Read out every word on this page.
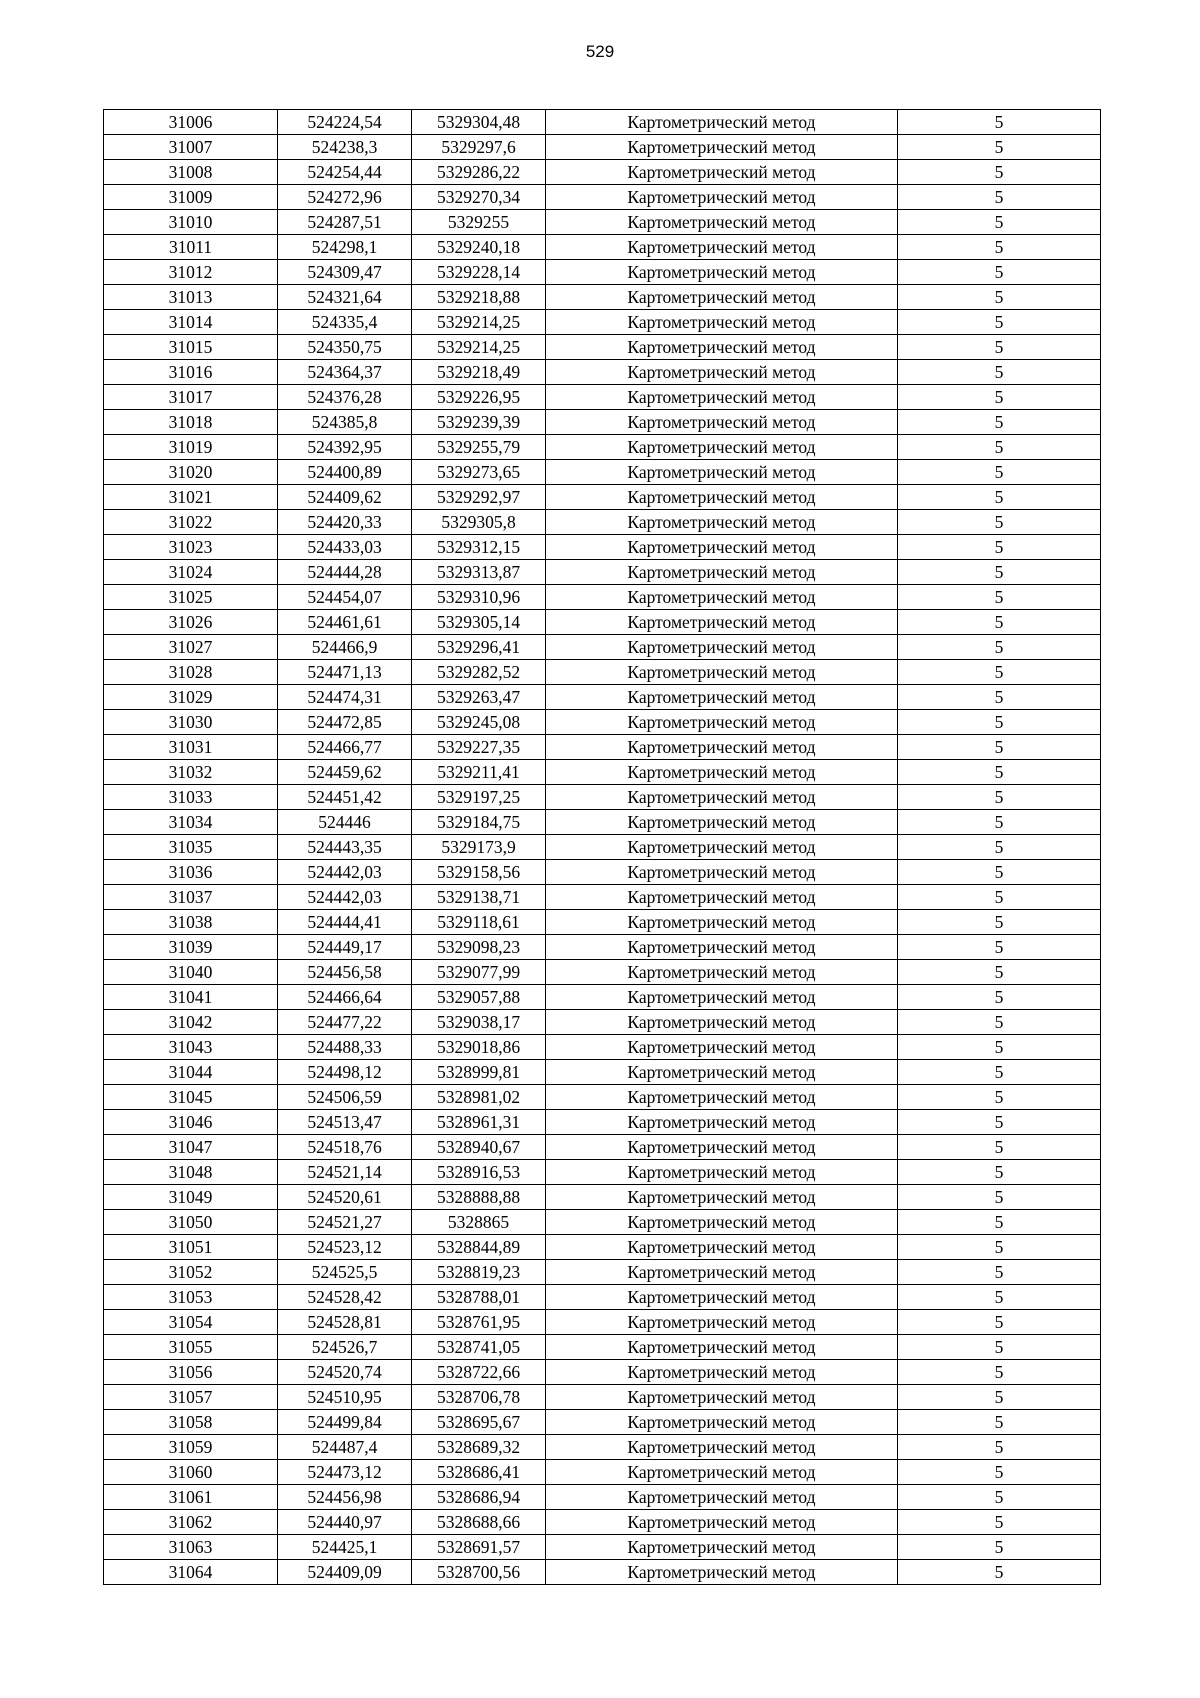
529
31006	524224,54	5329304,48	Картометрический метод	5
31007	524238,3	5329297,6	Картометрический метод	5
31008	524254,44	5329286,22	Картометрический метод	5
31009	524272,96	5329270,34	Картометрический метод	5
31010	524287,51	5329255	Картометрический метод	5
31011	524298,1	5329240,18	Картометрический метод	5
31012	524309,47	5329228,14	Картометрический метод	5
31013	524321,64	5329218,88	Картометрический метод	5
31014	524335,4	5329214,25	Картометрический метод	5
31015	524350,75	5329214,25	Картометрический метод	5
31016	524364,37	5329218,49	Картометрический метод	5
31017	524376,28	5329226,95	Картометрический метод	5
31018	524385,8	5329239,39	Картометрический метод	5
31019	524392,95	5329255,79	Картометрический метод	5
31020	524400,89	5329273,65	Картометрический метод	5
31021	524409,62	5329292,97	Картометрический метод	5
31022	524420,33	5329305,8	Картометрический метод	5
31023	524433,03	5329312,15	Картометрический метод	5
31024	524444,28	5329313,87	Картометрический метод	5
31025	524454,07	5329310,96	Картометрический метод	5
31026	524461,61	5329305,14	Картометрический метод	5
31027	524466,9	5329296,41	Картометрический метод	5
31028	524471,13	5329282,52	Картометрический метод	5
31029	524474,31	5329263,47	Картометрический метод	5
31030	524472,85	5329245,08	Картометрический метод	5
31031	524466,77	5329227,35	Картометрический метод	5
31032	524459,62	5329211,41	Картометрический метод	5
31033	524451,42	5329197,25	Картометрический метод	5
31034	524446	5329184,75	Картометрический метод	5
31035	524443,35	5329173,9	Картометрический метод	5
31036	524442,03	5329158,56	Картометрический метод	5
31037	524442,03	5329138,71	Картометрический метод	5
31038	524444,41	5329118,61	Картометрический метод	5
31039	524449,17	5329098,23	Картометрический метод	5
31040	524456,58	5329077,99	Картометрический метод	5
31041	524466,64	5329057,88	Картометрический метод	5
31042	524477,22	5329038,17	Картометрический метод	5
31043	524488,33	5329018,86	Картометрический метод	5
31044	524498,12	5328999,81	Картометрический метод	5
31045	524506,59	5328981,02	Картометрический метод	5
31046	524513,47	5328961,31	Картометрический метод	5
31047	524518,76	5328940,67	Картометрический метод	5
31048	524521,14	5328916,53	Картометрический метод	5
31049	524520,61	5328888,88	Картометрический метод	5
31050	524521,27	5328865	Картометрический метод	5
31051	524523,12	5328844,89	Картометрический метод	5
31052	524525,5	5328819,23	Картометрический метод	5
31053	524528,42	5328788,01	Картометрический метод	5
31054	524528,81	5328761,95	Картометрический метод	5
31055	524526,7	5328741,05	Картометрический метод	5
31056	524520,74	5328722,66	Картометрический метод	5
31057	524510,95	5328706,78	Картометрический метод	5
31058	524499,84	5328695,67	Картометрический метод	5
31059	524487,4	5328689,32	Картометрический метод	5
31060	524473,12	5328686,41	Картометрический метод	5
31061	524456,98	5328686,94	Картометрический метод	5
31062	524440,97	5328688,66	Картометрический метод	5
31063	524425,1	5328691,57	Картометрический метод	5
31064	524409,09	5328700,56	Картометрический метод	5
